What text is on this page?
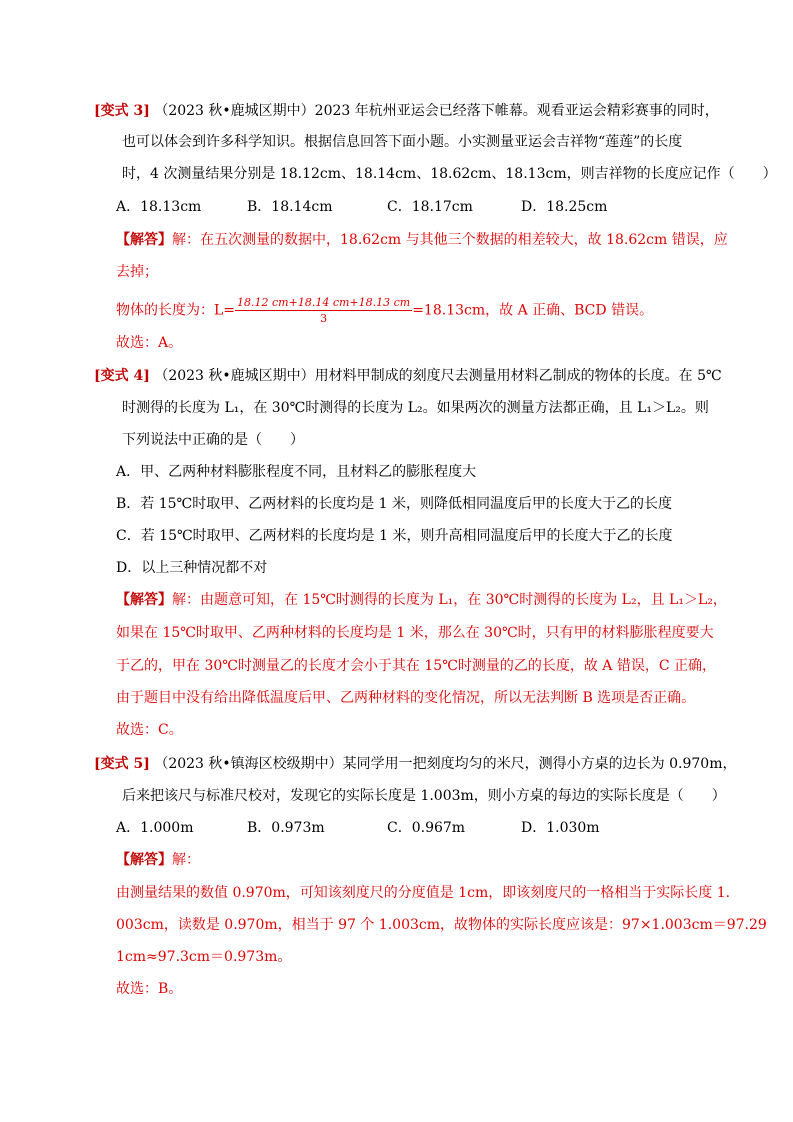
[变式 3] （2023 秋•鹿城区期中）2023 年杭州亚运会已经落下帷幕。观看亚运会精彩赛事的同时，
也可以体会到许多科学知识。根据信息回答下面小题。小实测量亚运会吉祥物“莲莲”的长度
时，4 次测量结果分别是 18.12cm、18.14cm、18.62cm、18.13cm，则吉祥物的长度应记作（　　）
A．18.13cm	B．18.14cm	C．18.17cm	D．18.25cm
【解答】解：在五次测量的数据中，18.62cm 与其他三个数据的相差较大，故 18.62cm 错误，应
去掉；
物体的长度为：$L= \frac{18.12 cm+18.14 cm+18.13 cm}{3} =18.13cm$，故 A 正确、BCD 错误。
故选：A。
[变式 4] （2023 秋•鹿城区期中）用材料甲制成的刻度尺去测量用材料乙制成的物体的长度。在 5℃
时测得的长度为 L₁，在 30℃时测得的长度为 L₂。如果两次的测量方法都正确，且 L₁＞L₂。则
下列说法中正确的是（　　）
A．甲、乙两种材料膨胀程度不同，且材料乙的膨胀程度大
B．若 15℃时取甲、乙两材料的长度均是 1 米，则降低相同温度后甲的长度大于乙的长度
C．若 15℃时取甲、乙两材料的长度均是 1 米，则升高相同温度后甲的长度大于乙的长度
D．以上三种情况都不对
【解答】解：由题意可知，在 15℃时测得的长度为 L₁，在 30℃时测得的长度为 L₂，且 L₁＞L₂，
如果在 15℃时取甲、乙两种材料的长度均是 1 米，那么在 30℃时，只有甲的材料膨胀程度要大
于乙的，甲在 30℃时测量乙的长度才会小于其在 15℃时测量的乙的长度，故 A 错误，C 正确，
由于题目中没有给出降低温度后甲、乙两种材料的变化情况，所以无法判断 B 选项是否正确。
故选：C。
[变式 5] （2023 秋•镇海区校级期中）某同学用一把刻度均匀的米尺，测得小方桌的边长为 0.970m，
后来把该尺与标准尺校对，发现它的实际长度是 1.003m，则小方桌的每边的实际长度是（　　）
A．1.000m	B．0.973m	C．0.967m	D．1.030m
【解答】解：
由测量结果的数值 0.970m，可知该刻度尺的分度值是 1cm，即该刻度尺的一格相当于实际长度 1.
003cm，读数是 0.970m，相当于 97 个 1.003cm，故物体的实际长度应该是：97×1.003cm＝97.29
1cm≈97.3cm＝0.973m。
故选：B。
